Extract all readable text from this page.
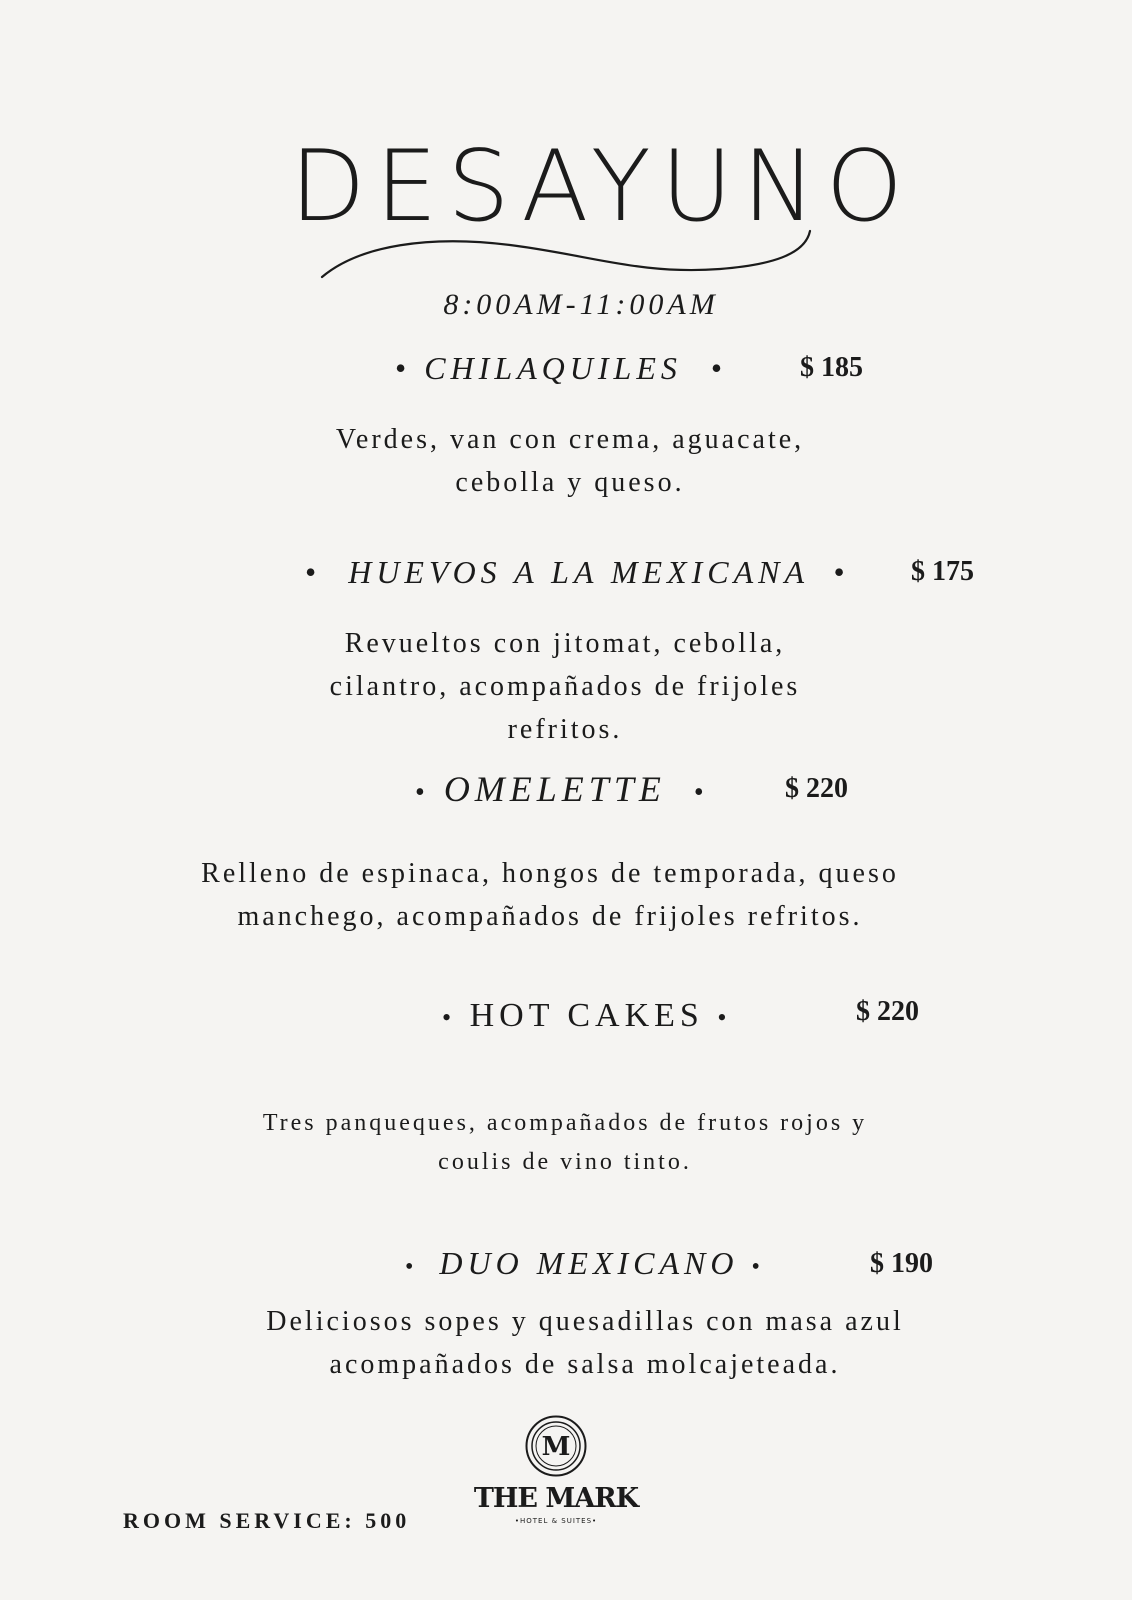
DESAYUNO
8:00AM-11:00AM
• CHILAQUILES •	$ 185
Verdes, van con crema, aguacate,
cebolla y queso.
• HUEVOS A LA MEXICANA • $ 175
Revueltos con jitomat, cebolla,
cilantro, acompañados de frijoles
refritos.
• OMELETTE •	$ 220
Relleno de espinaca, hongos de temporada, queso
manchego, acompañados de frijoles refritos.
• HOT CAKES •	$ 220
Tres panqueques, acompañados de frutos rojos y
coulis de vino tinto.
• DUO MEXICANO •	$ 190
Deliciosos sopes y quesadillas con masa azul
acompañados de salsa molcajeteada.
ROOM SERVICE: 500
M
THE MARK
•HOTEL & SUITES•
